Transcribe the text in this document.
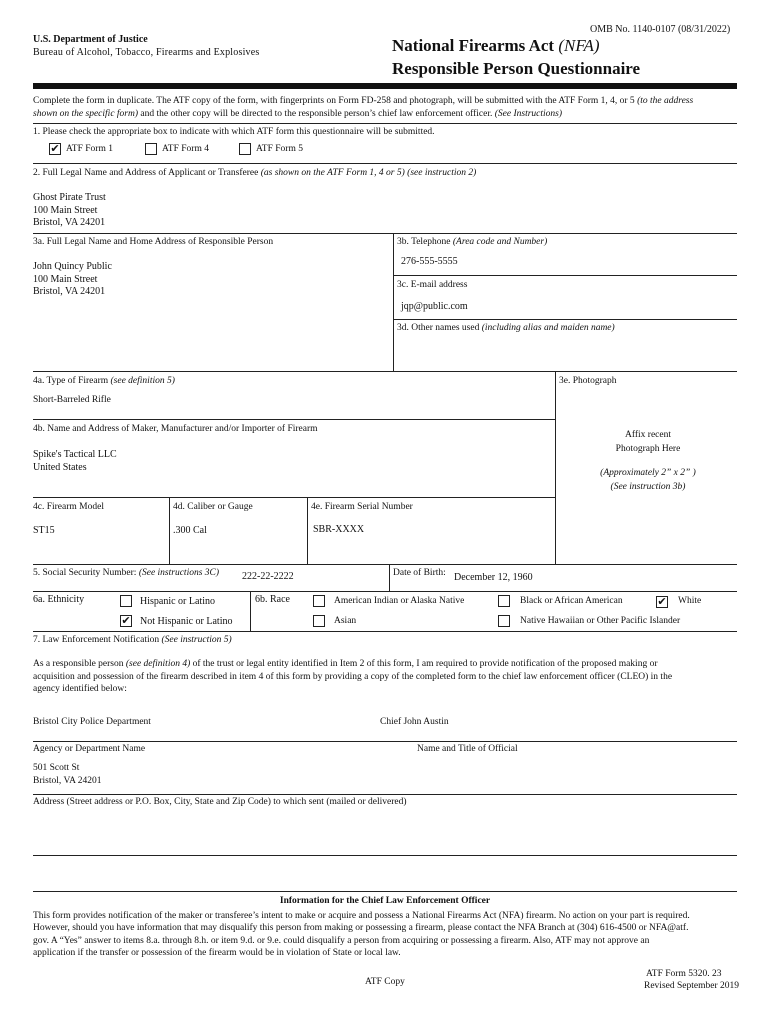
OMB No. 1140-0107 (08/31/2022)
U.S. Department of Justice
Bureau of Alcohol, Tobacco, Firearms and Explosives	National Firearms Act (NFA)
Responsible Person Questionnaire
Complete the form in duplicate. The ATF copy of the form, with fingerprints on Form FD-258 and photograph, will be submitted with the ATF Form 1, 4, or 5 (to the address
shown on the specific form) and the other copy will be directed to the responsible person’s chief law enforcement officer. (See Instructions)
1. Please check the appropriate box to indicate with which ATF form this questionnaire will be submitted.
✔ ATF Form 1	ATF Form 4	ATF Form 5
2. Full Legal Name and Address of Applicant or Transferee (as shown on the ATF Form 1, 4 or 5) (see instruction 2)
Ghost Pirate Trust
100 Main Street
Bristol, VA 24201
3a. Full Legal Name and Home Address of Responsible Person
John Quincy Public
100 Main Street
Bristol, VA 24201
3b. Telephone (Area code and Number)
276-555-5555
3c. E-mail address
jqp@public.com
3d. Other names used (including alias and maiden name)
4a. Type of Firearm (see definition 5)
Short-Barreled Rifle
3e. Photograph
Affix recent
Photograph Here
(Approximately 2” x 2” )
(See instruction 3b)
4b. Name and Address of Maker, Manufacturer and/or Importer of Firearm
Spike's Tactical LLC
United States
4c. Firearm Model
ST15
4d. Caliber or Gauge
.300 Cal
4e. Firearm Serial Number
SBR-XXXX
5. Social Security Number: (See instructions 3C) 222-22-2222	Date of Birth: December 12, 1960
6a. Ethnicity	Hispanic or Latino
✔ Not Hispanic or Latino
6b. Race	American Indian or Alaska Native	Black or African American	✔ White
Asian	Native Hawaiian or Other Pacific Islander
7. Law Enforcement Notification (See instruction 5)
As a responsible person (see definition 4) of the trust or legal entity identified in Item 2 of this form, I am required to provide notification of the proposed making or
acquisition and possession of the firearm described in item 4 of this form by providing a copy of the completed form to the chief law enforcement officer (CLEO) in the
agency identified below:
Bristol City Police Department	Chief John Austin
Agency or Department Name	Name and Title of Official
501 Scott St
Bristol, VA 24201
Address (Street address or P.O. Box, City, State and Zip Code) to which sent (mailed or delivered)
Information for the Chief Law Enforcement Officer
This form provides notification of the maker or transferee’s intent to make or acquire and possess a National Firearms Act (NFA) firearm. No action on your part is required.
However, should you have information that may disqualify this person from making or possessing a firearm, please contact the NFA Branch at (304) 616-4500 or NFA@atf.
gov. A “Yes” answer to items 8.a. through 8.h. or item 9.d. or 9.e. could disqualify a person from acquiring or possessing a firearm. Also, ATF may not approve an
application if the transfer or possession of the firearm would be in violation of State or local law.
ATF Copy
ATF Form 5320. 23
Revised September 2019
